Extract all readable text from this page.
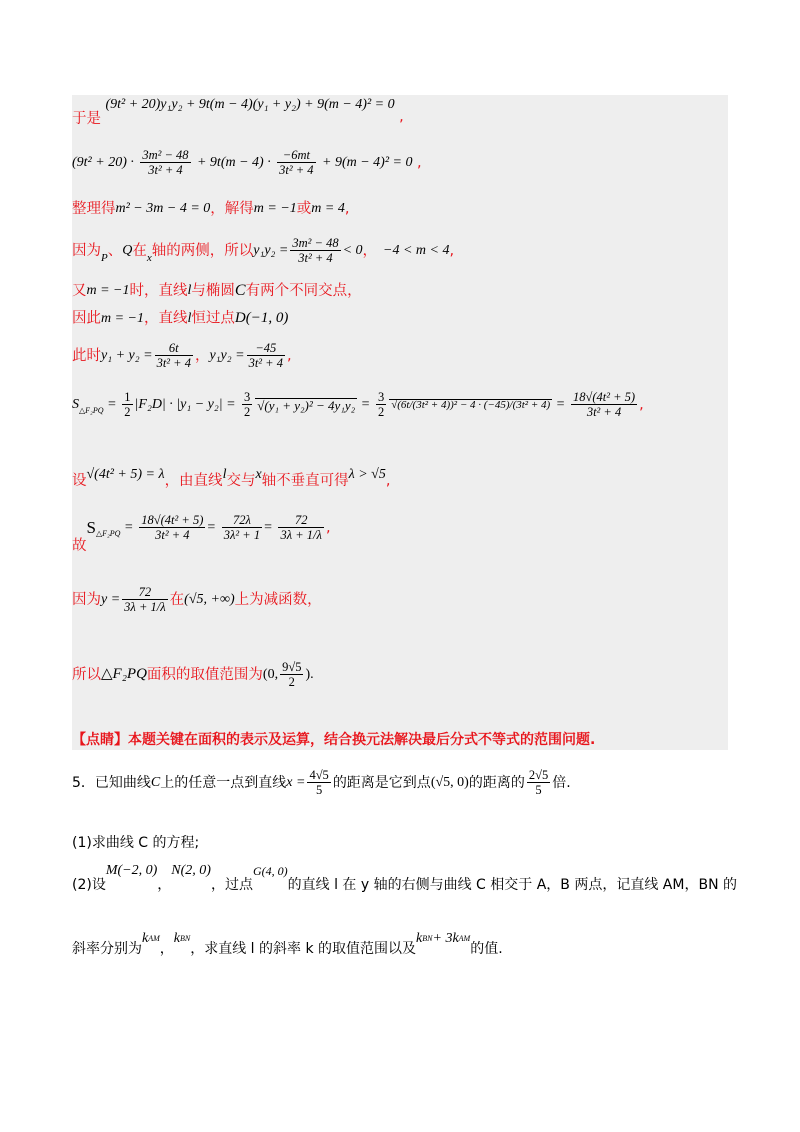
于是 (9t² + 20)y₁y₂ + 9t(m − 4)(y₁ + y₂) + 9(m − 4)² = 0 ,
$(9t^2 + 20) \cdot \frac{\text{3m² − 48}}{\text{3t² + 4}} + 9t(m - 4) \cdot \frac{-6mt}{\text{3t² + 4}} + 9(m - 4)^2 = 0$ ,
整理得m² − 3m − 4 = 0，解得m = −1或m = 4,
因为P、Q在x轴的两侧，所以$y_1y_2 = \frac{\text{3m² − 48}}{\text{3t² + 4}} < 0$， −4 < m < 4,
又m = −1时，直线l与椭圆C有两个不同交点，
因此m = −1，直线l恒过点D(−1, 0)
此时$y_1 + y_2 = \frac{6t}{\text{3t² + 4}}$ ，$y_1y_2 = \frac{-45}{\text{3t² + 4}}$ ,
S△F₂PQ = $\frac{1}{2} |F_2D| \cdot |y_1 - y_2| = \frac{3}{2}$ √ $(y_1 + y_2)^2 - 4y_1y_2 = \frac{3}{2}$ √ $(6t/(3t^2 + 4))^2 - 4 \cdot (-45)/(3t^2 + 4) = \frac{\text{18√(4t² + 5)}}{\text{3t² + 4}}$ ,
设√(4t² + 5) = λ，由直线l交与x轴不垂直可得λ > √5,
故S△F₂PQ = $\frac{\text{18√(4t² + 5)}}{\text{3t² + 4}} = \frac{72\lambda}{\text{3λ² + 1}} = \frac{72}{3\lambda + 1/\lambda}$ ,
因为$y = \frac{72}{3\lambda + 1/\lambda}$ 在(√5, +∞)上为减函数，
所以△F₂PQ面积的取值范围为(0, $\frac{9√5}{2}$ ).
【点睛】本题关键在面积的表示及运算，结合换元法解决最后分式不等式的范围问题.
5．已知曲线C上的任意一点到直线$x = \frac{4√5}{5}$ 的距离是它到点(√5, 0)的距离的 $\frac{2√5}{5}$ 倍.
(1)求曲线 C 的方程;
(2)设M(−2, 0)，N(2, 0)，过点G(4, 0)的直线 l 在 y 轴的右侧与曲线 C 相交于 A，B 两点，记直线 AM，BN 的
斜率分别为kAM，kBN，求直线 l 的斜率 k 的取值范围以及kBN+ 3kAM的值.
